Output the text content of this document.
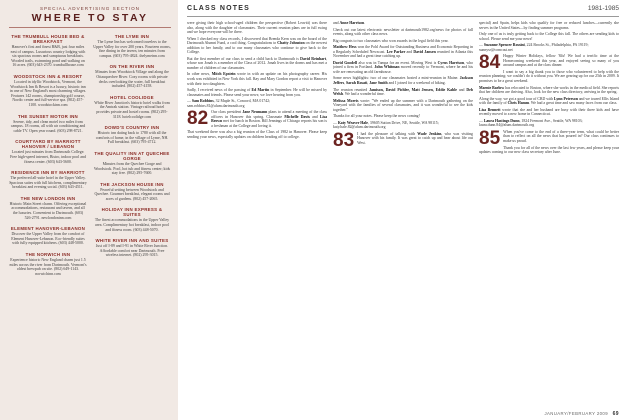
SPECIAL ADVERTISING SECTION
WHERE TO STAY
THE TRUMBULL HOUSE BED & BREAKFAST
Hanover's first and finest B&B, just four miles east of campus. Luxurious country lodging with six spacious rooms and sumptuous breakfasts. Wooded trails, swimming pond and walking on 16 acres. (603) 643-2370. trumbullhouse.com
WOODSTOCK INN & RESORT
Located in idyllic Woodstock, Vermont, the Woodstock Inn & Resort is a luxury, historic inn in one of New England's most charming villages. Features 142 rooms, championship golf course, Nordic center and full-service spa. (802) 457-1100. woodstockinn.com
THE SUNSET MOTOR INN
Serene, tidy, and clean motel two miles from campus. 18 rooms, all with air conditioning and cable TV. Open year round. (603) 298-8721.
COURTYARD BY MARRIOTT HANOVER / LEBANON
Located just minutes from Dartmouth College. Free high-speed internet, Bistro, indoor pool and fitness center. (603) 643-5600.
RESIDENCE INN BY MARRIOTT
The preferred all-suite hotel in the Upper Valley. Spacious suites with full kitchens, complimentary breakfast and evening social. (603) 643-4511.
THE NEW LONDON INN
Historic Main Street charm. Offering exceptional accommodations, restaurant and tavern, and all the luxuries. Convenient to Dartmouth. (603) 526-2791. newlondoninn.com
ELEMENT HANOVER-LEBANON
Discover the Upper Valley from the comfort of Element Hanover-Lebanon. Eco-friendly suites with fully equipped kitchens. (603) 448-5000.
THE NORWICH INN
Experience historic New England charm just 1.5 miles across the river from Dartmouth. Vermont's oldest brewpub on site. (802) 649-1143. norwichinn.com
THE LYME INN
The Lyme Inn has welcomed travelers to the Upper Valley for over 200 years. Fourteen rooms, fine dining in the tavern, ten minutes from campus. (603) 795-4824. thelymeinn.com
ON THE RIVER INN
Minutes from Woodstock Village and along the Ottauquechee River. Cozy rooms with private decks overlooking the water, full breakfast included. (802) 457-4158.
HOTEL COOLIDGE
White River Junction's historic hotel walks from the Amtrak station. Vintage railroad hotel provides private and hostel rooms. (802) 295-3118. hotelcoolidge.com
DOWD'S COUNTRY INN
Historic inn dating back to 1780 with all the comforts of home, in the village of Lyme, NH. Full breakfast. (603) 795-4712.
THE QUALITY INN AT QUECHEE GORGE
Minutes from the Quechee Gorge and Woodstock. Pool, hot tub and fitness center; kids stay free. (802) 295-7600.
THE JACKSON HOUSE INN
Peaceful setting between Woodstock and Quechee. Gourmet breakfast, elegant rooms and acres of gardens. (802) 457-2065.
HOLIDAY INN EXPRESS & SUITES
The finest accommodations in the Upper Valley area. Complimentary hot breakfast, indoor pool and fitness room. (603) 448-5070.
WHITE RIVER INN AND SUITES
Just off I-89 and I-91 in White River Junction. Affordable comfort near Dartmouth. Free wireless internet. (802) 295-3015.
CLASS NOTES	1981-1985

were giving their high school-aged children the perspective (Robert Leavitt) was there also, along with the daughter of classmates. Their current reunion plans are in full swing and we hope everyone will be there.

When I checked my class records, I discovered that Brenda Kern was on the board of the Dartmouth Alumni Fund, a cool thing. Congratulations to Chatty Johnston on the newest addition to her family, and to our many classmates who continue to give back to the College.

But the first member of our class to send a child back to Dartmouth is David Reinhart, whose son Jonah is a member of the Class of 2012. Jonah lives in the dorms and has met a number of children of our classmates.

In other news, Mitch Epstein wrote in with an update on his photography career. His work was exhibited in New York this fall. Ray and Mary Gordon report a visit to Hanover with their two daughters.

Sadly, I received news of the passing of Ed Martin in September. He will be missed by classmates and friends. Please send your news; we love hearing from you.

— Sam Robbins, 32 Maple St., Concord, MA 01742; sam.robbins.81@alum.dartmouth.org

82 Our class president Jane Neumann plans to attend a meeting of the class officers in Hanover this spring. Classmate Michelle Davis and Lisa Brown met for lunch in Boston. Bill Jennings of Chicago reports his son is a freshman at the College and loving it.

That weekend there was also a big reunion of the Class of 1982 in Hanover. Please keep sending your news, especially updates on children heading off to college.

and Anne Harrison.

Check out our latest electronic newsletter at dartmouth1982.org/news for photos of fall events, along with other class news.

Big congrats to two classmates who won awards in the legal field this year.

Matthew Hess won the Pohl Award for Outstanding Business and Economic Reporting in a Regularly Scheduled Newscast. Lee Parker and David Jansen reunited in Atlanta this November and had a great time catching up.

David Goodell also was in Tampa for an event. Moving West is Cyrus Harrison, who joined a firm in Portland. John Whitman moved recently to Vermont, where he and his wife are renovating an old farmhouse.

Some news highlights: two of our classmates hosted a mini-reunion in Maine. Jackson Jeffers, Sarah Rosati, Jane Smith and I joined for a weekend of hiking.

The reunion reunited Jamison, David Pichler, Matt Jensen, Eddie Kahle and Deb Welsh. We had a wonderful time.

Melissa Morris wrote: "We ended up the summer with a Dartmouth gathering on the Vineyard with the families of several classmates, and it was wonderful to see the kids together."

Thanks for all your notes. Please keep the news coming!

— Katy Weaver Hale, 39605 Sutton Drive, NE, Seattle, WA 98115; katy.hale.82@alum.dartmouth.org

83 I had the pleasure of talking with Wade Jenkins, who was visiting Hanover with his family. It was great to catch up and hear about life out West.

special) and Spain, helps kids who qualify for free or reduced lunches—currently she serves in the United States—by finding summer programs.

Only one of us is truly getting back to the College this fall. The others are sending kids to school. Please send me your news!

— Suzanne Spencer Rossini, 224 Brooks St., Philadelphia, PA 19119; sunnysr@comcast.net

84 Happy Winter Holidays, fellow '84s! We had a terrific time at the Homecoming weekend this year, and enjoyed seeing so many of you around campus and at the class dinner.

I want to say a big thank you to those who volunteered to help with the reunion planning; we couldn't do it without you. We are gearing up for our 25th in 2009. It promises to be a great weekend.

Marnie Barlow has relocated to Boston, where she works in the medical field. She reports that her children are thriving. Also, look for the new class directory, arriving in the spring.

Along the way, we got a good tour of CBD with Lynn Peterson and we toured Ellis Island with the family of Chris Hamm. We had a great time and saw many faces from our class.

Lisa Bennett wrote that she and her husband are busy with their three kids and have recently moved to a new home in Connecticut.

— Laura Hastings Dunn, 1824 Fremont Ave., Seattle, WA 98103; laura.dunn.84@alum.dartmouth.org

85 When you've come to the end of a three-year term, what could be better than to reflect on all the news that has poured in? Our class continues to make us proud.

Thank you for all of the news over the last few years, and please keep your updates coming to our new class secretary after June.

JANUARY/FEBRUARY 2009 69
